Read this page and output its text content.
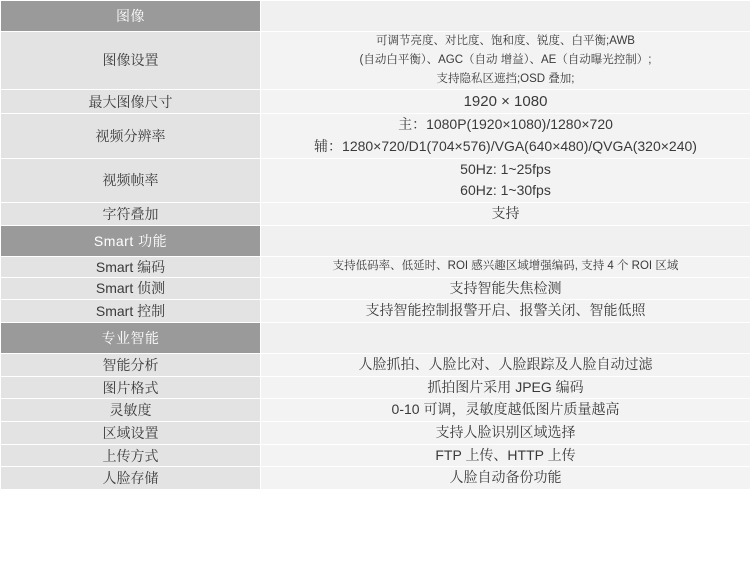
图像	
图像设置	可调节亮度、对比度、饱和度、锐度、白平衡;AWB
(自动白平衡）、AGC（自动 增益）、AE（自动曝光控制）;
支持隐私区遮挡;OSD 叠加;

最大图像尺寸	1920 × 1080

视频分辨率	主：1080P(1920×1080)/1280×720
辅：1280×720/D1(704×576)/VGA(640×480)/QVGA(320×240)

视频帧率	50Hz: 1~25fps
60Hz: 1~30fps

字符叠加	支持

Smart 功能	
Smart 编码	支持低码率、低延时、ROI 感兴趣区域增强编码, 支持 4 个 ROI 区域

Smart 侦测	支持智能失焦检测

Smart 控制	支持智能控制报警开启、报警关闭、智能低照

专业智能	
智能分析	人脸抓拍、人脸比对、人脸跟踪及人脸自动过滤

图片格式	抓拍图片采用 JPEG 编码

灵敏度	0-10 可调，灵敏度越低图片质量越高

区域设置	支持人脸识别区域选择

上传方式	FTP 上传、HTTP 上传

人脸存储	人脸自动备份功能
